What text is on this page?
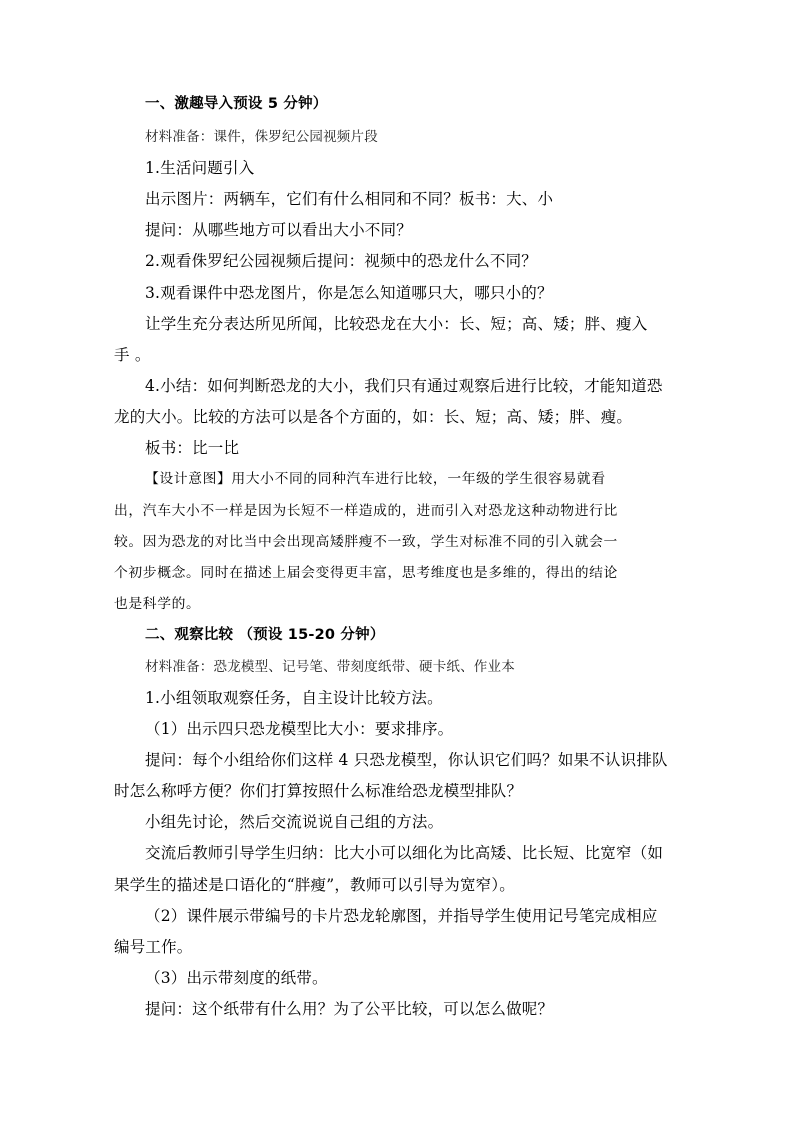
一、激趣导入预设 5 分钟）
材料准备：课件，侏罗纪公园视频片段
1.生活问题引入
出示图片：两辆车，它们有什么相同和不同？板书：大、小
提问：从哪些地方可以看出大小不同？
2.观看侏罗纪公园视频后提问：视频中的恐龙什么不同？
3.观看课件中恐龙图片，你是怎么知道哪只大，哪只小的？
让学生充分表达所见所闻，比较恐龙在大小：长、短；高、矮；胖、瘦入
手 。
4.小结：如何判断恐龙的大小，我们只有通过观察后进行比较，才能知道恐
龙的大小。比较的方法可以是各个方面的，如：长、短；高、矮；胖、瘦。
板书：比一比
【设计意图】用大小不同的同种汽车进行比较，一年级的学生很容易就看
出，汽车大小不一样是因为长短不一样造成的，进而引入对恐龙这种动物进行比
较。因为恐龙的对比当中会出现高矮胖瘦不一致，学生对标准不同的引入就会一
个初步概念。同时在描述上届会变得更丰富，思考维度也是多维的，得出的结论
也是科学的。
二、观察比较 （预设 15-20 分钟）
材料准备：恐龙模型、记号笔、带刻度纸带、硬卡纸、作业本
1.小组领取观察任务，自主设计比较方法。
（1）出示四只恐龙模型比大小：要求排序。
提问：每个小组给你们这样 4 只恐龙模型，你认识它们吗？如果不认识排队
时怎么称呼方便？你们打算按照什么标准给恐龙模型排队？
小组先讨论，然后交流说说自己组的方法。
交流后教师引导学生归纳：比大小可以细化为比高矮、比长短、比宽窄（如
果学生的描述是口语化的“胖瘦”，教师可以引导为宽窄）。
（2）课件展示带编号的卡片恐龙轮廓图，并指导学生使用记号笔完成相应
编号工作。
（3）出示带刻度的纸带。
提问：这个纸带有什么用？为了公平比较，可以怎么做呢？
